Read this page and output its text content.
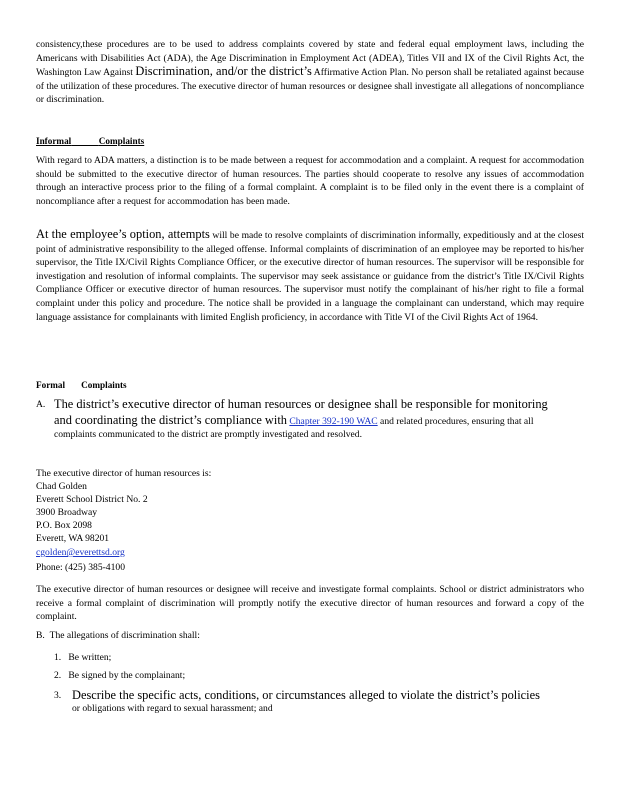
consistency,these procedures are to be used to address complaints covered by state and federal equal employment laws, including the Americans with Disabilities Act (ADA), the Age Discrimination in Employment Act (ADEA), Titles VII and IX of the Civil Rights Act, the Washington Law Against Discrimination, and/or the district’s Affirmative Action Plan. No person shall be retaliated against because of the utilization of these procedures. The executive director of human resources or designee shall investigate all allegations of noncompliance or discrimination.
Informal	Complaints
With regard to ADA matters, a distinction is to be made between a request for accommodation and a complaint. A request for accommodation should be submitted to the executive director of human resources. The parties should cooperate to resolve any issues of accommodation through an interactive process prior to the filing of a formal complaint. A complaint is to be filed only in the event there is a complaint of noncompliance after a request for accommodation has been made.
At the employee’s option, attempts will be made to resolve complaints of discrimination informally, expeditiously and at the closest point of administrative responsibility to the alleged offense. Informal complaints of discrimination of an employee may be reported to his/her supervisor, the Title IX/Civil Rights Compliance Officer, or the executive director of human resources. The supervisor will be responsible for investigation and resolution of informal complaints. The supervisor may seek assistance or guidance from the district’s Title IX/Civil Rights Compliance Officer or executive director of human resources. The supervisor must notify the complainant of his/her right to file a formal complaint under this policy and procedure. The notice shall be provided in a language the complainant can understand, which may require language assistance for complainants with limited English proficiency, in accordance with Title VI of the Civil Rights Act of 1964.
Formal Complaints
A. The district’s executive director of human resources or designee shall be responsible for monitoring and coordinating the district’s compliance with Chapter 392-190 WAC and related procedures, ensuring that all complaints communicated to the district are promptly investigated and resolved.
The executive director of human resources is:
Chad Golden
Everett School District No. 2
3900 Broadway
P.O. Box 2098
Everett, WA 98201
cgolden@everettsd.org
Phone: (425) 385-4100
The executive director of human resources or designee will receive and investigate formal complaints. School or district administrators who receive a formal complaint of discrimination will promptly notify the executive director of human resources and forward a copy of the complaint.
B. The allegations of discrimination shall:
1. Be written;
2. Be signed by the complainant;
3. Describe the specific acts, conditions, or circumstances alleged to violate the district’s policies
or obligations with regard to sexual harassment; and
